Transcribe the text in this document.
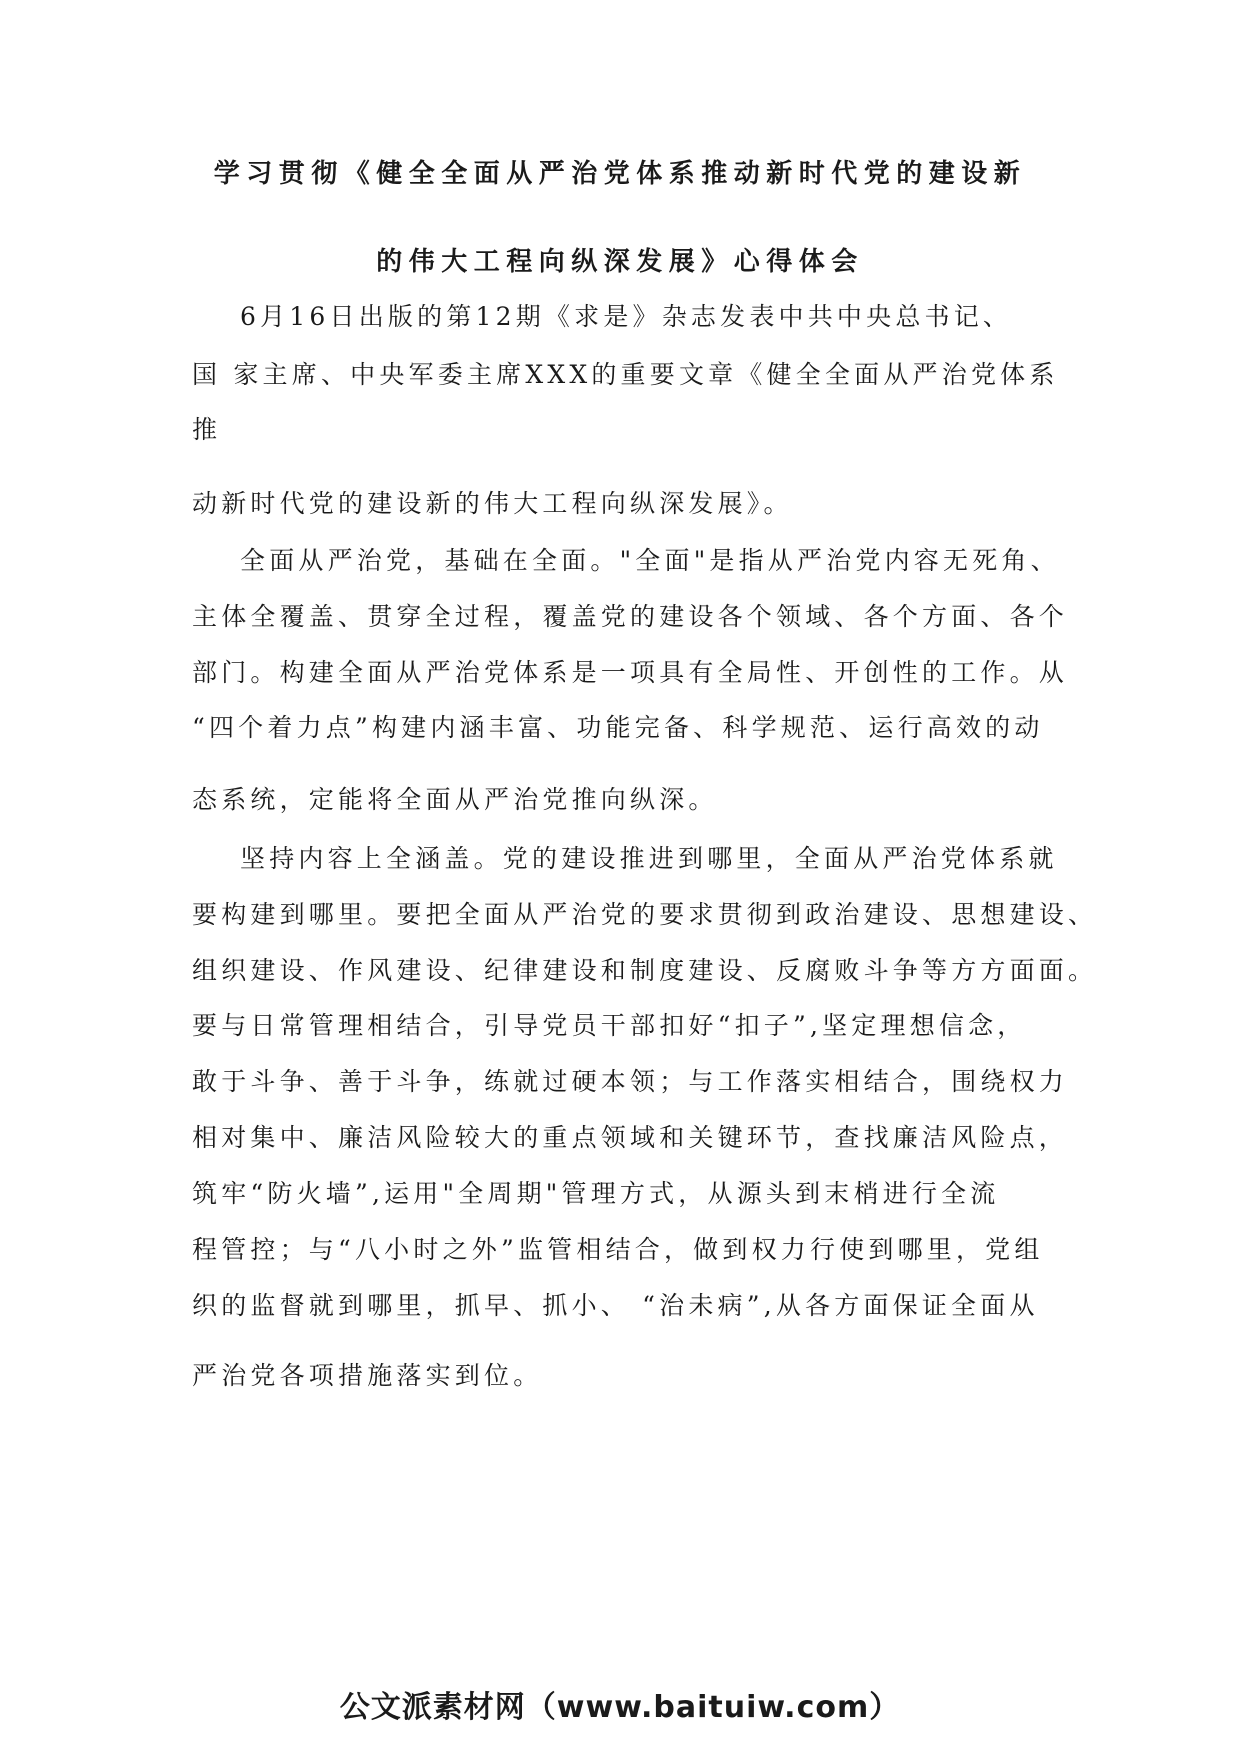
学习贯彻《健全全面从严治党体系推动新时代党的建设新
的伟大工程向纵深发展》心得体会
6月16日出版的第12期《求是》杂志发表中共中央总书记、
国 家主席、中央军委主席XXX的重要文章《健全全面从严治党体系
推
动新时代党的建设新的伟大工程向纵深发展》。
全面从严治党，基础在全面。"全面"是指从严治党内容无死角、
主体全覆盖、贯穿全过程，覆盖党的建设各个领域、各个方面、各个
部门。构建全面从严治党体系是一项具有全局性、开创性的工作。从
“四个着力点”构建内涵丰富、功能完备、科学规范、运行高效的动
态系统，定能将全面从严治党推向纵深。
坚持内容上全涵盖。党的建设推进到哪里，全面从严治党体系就
要构建到哪里。要把全面从严治党的要求贯彻到政治建设、思想建设、
组织建设、作风建设、纪律建设和制度建设、反腐败斗争等方方面面。
要与日常管理相结合，引导党员干部扣好“扣子”,坚定理想信念，
敢于斗争、善于斗争，练就过硬本领；与工作落实相结合，围绕权力
相对集中、廉洁风险较大的重点领域和关键环节，查找廉洁风险点，
筑牢“防火墙”,运用"全周期"管理方式，从源头到末梢进行全流
程管控；与“八小时之外”监管相结合，做到权力行使到哪里，党组
织的监督就到哪里，抓早、抓小、 “治未病”,从各方面保证全面从
严治党各项措施落实到位。
公文派素材网（www.baituiw.com）
